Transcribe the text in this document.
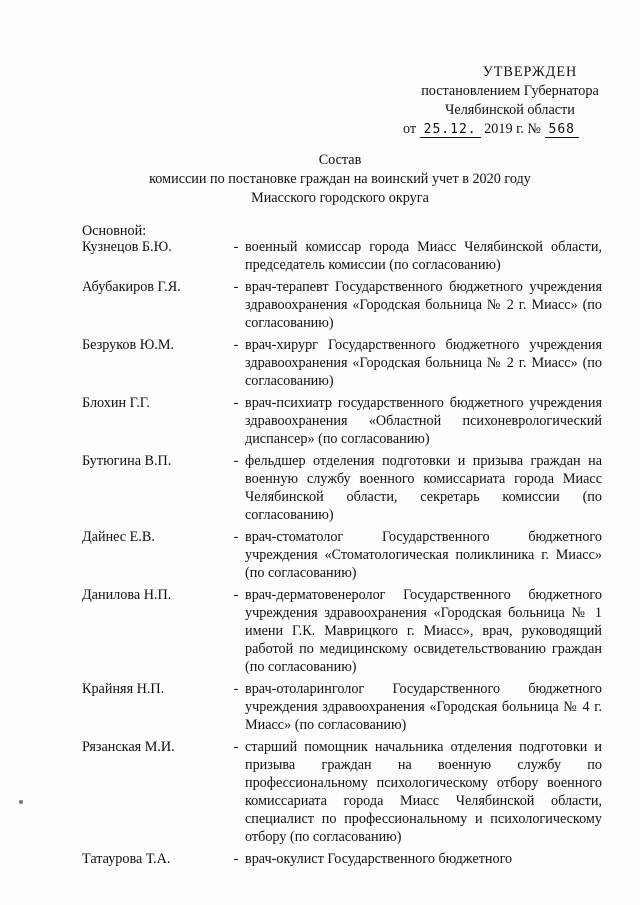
УТВЕРЖДЕН
постановлением Губернатора
Челябинской области
от 25.12. 2019 г. № 568
Состав
комиссии по постановке граждан на воинский учет в 2020 году
Миасского городского округа
Основной:
Кузнецов Б.Ю.	- военный комиссар города Миасс Челябинской области, председатель комиссии (по согласованию)
Абубакиров Г.Я.	- врач-терапевт Государственного бюджетного учреждения здравоохранения «Городская больница № 2 г. Миасс» (по согласованию)
Безруков Ю.М.	- врач-хирург Государственного бюджетного учреждения здравоохранения «Городская больница № 2 г. Миасс» (по согласованию)
Блохин Г.Г.	- врач-психиатр государственного бюджетного учреждения здравоохранения «Областной психоневрологический диспансер» (по согласованию)
Бутюгина В.П.	- фельдшер отделения подготовки и призыва граждан на военную службу военного комиссариата города Миасс Челябинской области, секретарь комиссии (по согласованию)
Дайнес Е.В.	- врач-стоматолог Государственного бюджетного учреждения «Стоматологическая поликлиника г. Миасс» (по согласованию)
Данилова Н.П.	- врач-дерматовенеролог Государственного бюджетного учреждения здравоохранения «Городская больница № 1 имени Г.К. Маврицкого г. Миасс», врач, руководящий работой по медицинскому освидетельствованию граждан (по согласованию)
Крайняя Н.П.	- врач-отоларинголог Государственного бюджетного учреждения здравоохранения «Городская больница № 4 г. Миасс» (по согласованию)
Рязанская М.И.	- старший помощник начальника отделения подготовки и призыва граждан на военную службу по профессиональному психологическому отбору военного комиссариата города Миасс Челябинской области, специалист по профессиональному и психологическому отбору (по согласованию)
Татаурова Т.А.	- врач-окулист Государственного бюджетного
